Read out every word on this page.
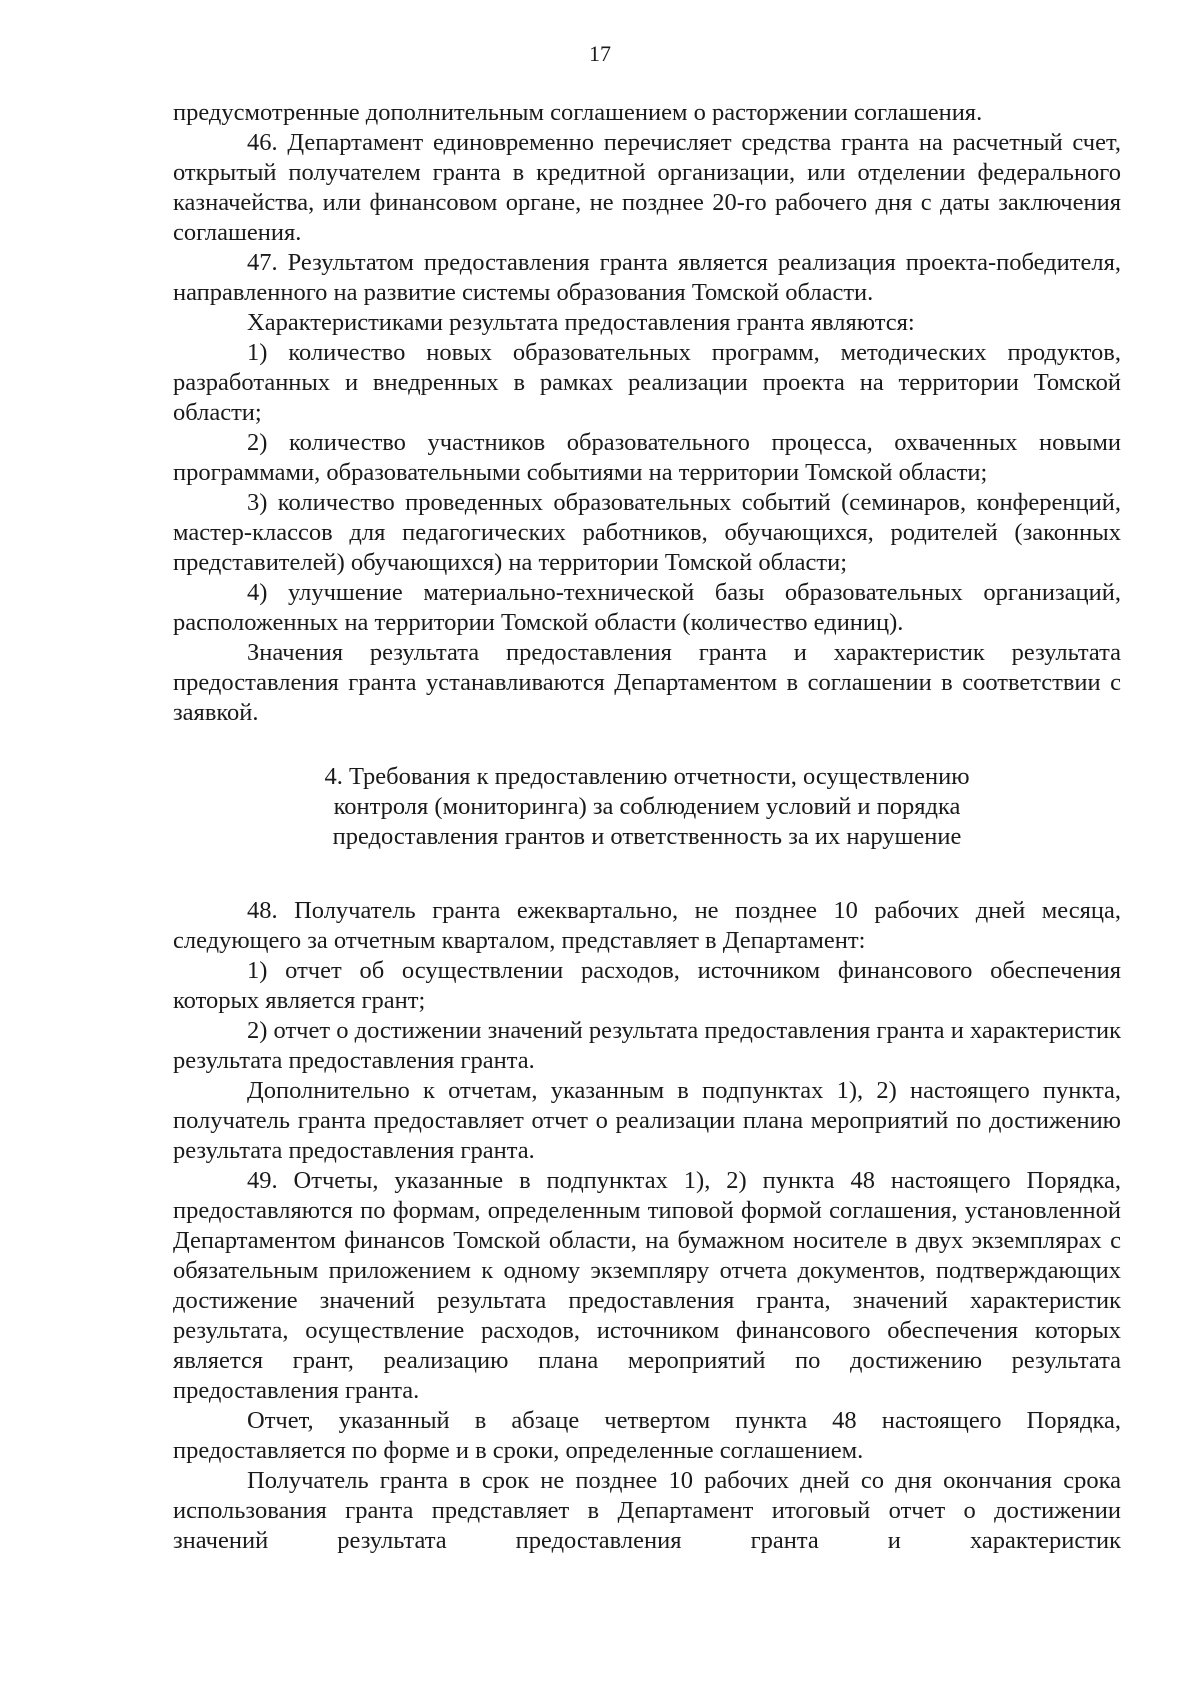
17

предусмотренные дополнительным соглашением о расторжении соглашения.

46. Департамент единовременно перечисляет средства гранта на расчетный счет, открытый получателем гранта в кредитной организации, или отделении федерального казначейства, или финансовом органе, не позднее 20-го рабочего дня с даты заключения соглашения.

47. Результатом предоставления гранта является реализация проекта-победителя, направленного на развитие системы образования Томской области.

Характеристиками результата предоставления гранта являются:

1) количество новых образовательных программ, методических продуктов, разработанных и внедренных в рамках реализации проекта на территории Томской области;

2) количество участников образовательного процесса, охваченных новыми программами, образовательными событиями на территории Томской области;

3) количество проведенных образовательных событий (семинаров, конференций, мастер-классов для педагогических работников, обучающихся, родителей (законных представителей) обучающихся) на территории Томской области;

4) улучшение материально-технической базы образовательных организаций, расположенных на территории Томской области (количество единиц).

Значения результата предоставления гранта и характеристик результата предоставления гранта устанавливаются Департаментом в соглашении в соответствии с заявкой.

4. Требования к предоставлению отчетности, осуществлению
контроля (мониторинга) за соблюдением условий и порядка
предоставления грантов и ответственность за их нарушение

48. Получатель гранта ежеквартально, не позднее 10 рабочих дней месяца, следующего за отчетным кварталом, представляет в Департамент:

1) отчет об осуществлении расходов, источником финансового обеспечения которых является грант;

2) отчет о достижении значений результата предоставления гранта и характеристик результата предоставления гранта.

Дополнительно к отчетам, указанным в подпунктах 1), 2) настоящего пункта, получатель гранта предоставляет отчет о реализации плана мероприятий по достижению результата предоставления гранта.

49. Отчеты, указанные в подпунктах 1), 2) пункта 48 настоящего Порядка, предоставляются по формам, определенным типовой формой соглашения, установленной Департаментом финансов Томской области, на бумажном носителе в двух экземплярах с обязательным приложением к одному экземпляру отчета документов, подтверждающих достижение значений результата предоставления гранта, значений характеристик результата, осуществление расходов, источником финансового обеспечения которых является грант, реализацию плана мероприятий по достижению результата предоставления гранта.

Отчет, указанный в абзаце четвертом пункта 48 настоящего Порядка, предоставляется по форме и в сроки, определенные соглашением.

Получатель гранта в срок не позднее 10 рабочих дней со дня окончания срока использования гранта представляет в Департамент итоговый отчет о достижении значений результата предоставления гранта и характеристик
